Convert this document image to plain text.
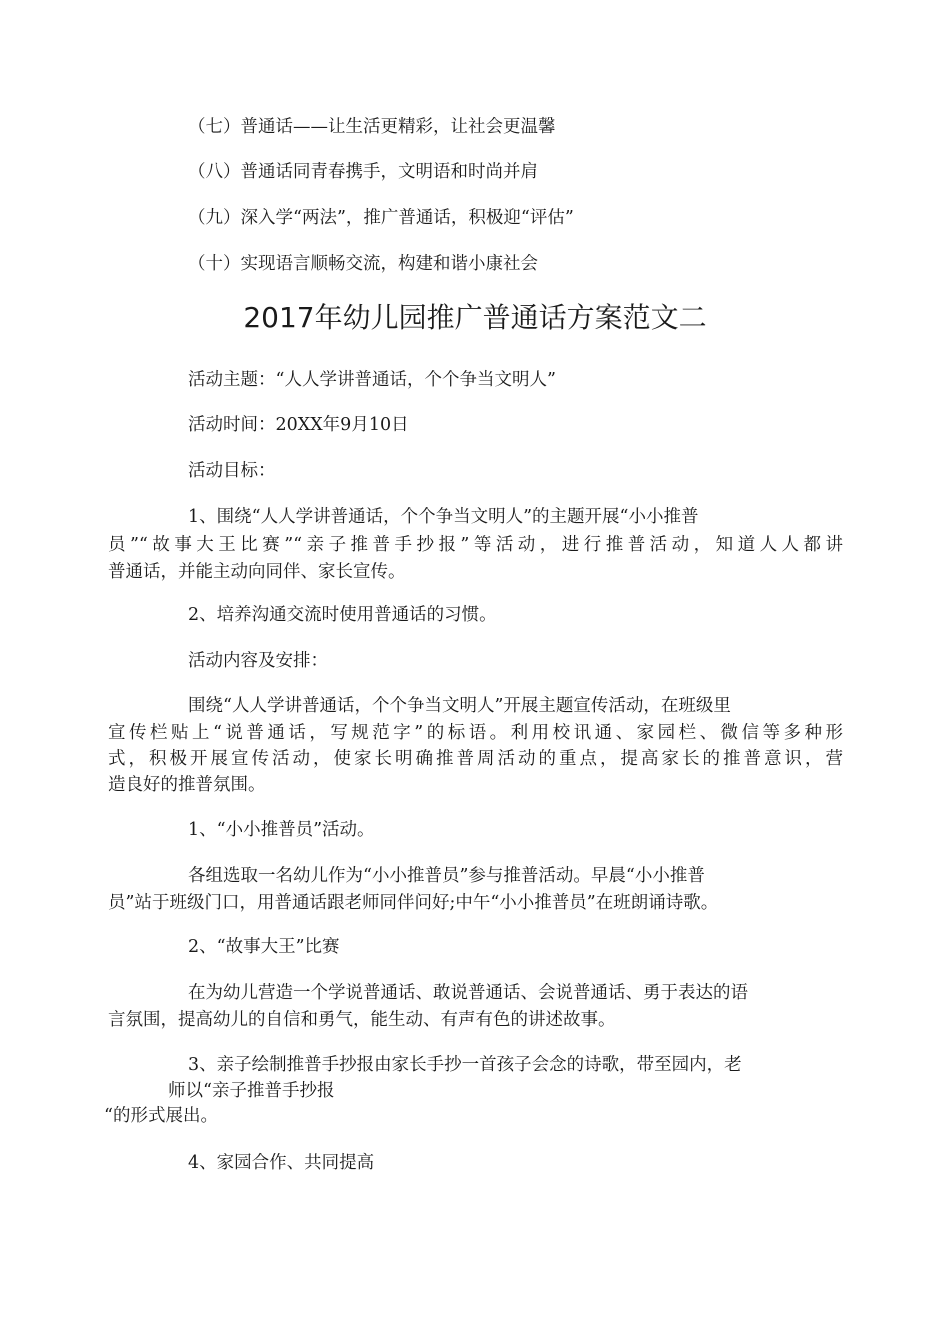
（七）普通话——让生活更精彩，让社会更温馨
（八）普通话同青春携手，文明语和时尚并肩
（九）深入学“两法”，推广普通话，积极迎“评估”
（十）实现语言顺畅交流，构建和谐小康社会
2017年幼儿园推广普通话方案范文二
活动主题：“人人学讲普通话，个个争当文明人”
活动时间：20XX年9月10日
活动目标：
1、围绕“人人学讲普通话，个个争当文明人”的主题开展“小小推普
员”“故事大王比赛”“亲子推普手抄报”等活动，进行推普活动，知道人人都讲
普通话，并能主动向同伴、家长宣传。
2、培养沟通交流时使用普通话的习惯。
活动内容及安排：
围绕“人人学讲普通话，个个争当文明人”开展主题宣传活动，在班级里
宣传栏贴上“说普通话，写规范字”的标语。利用校讯通、家园栏、微信等多种形
式，积极开展宣传活动，使家长明确推普周活动的重点，提高家长的推普意识，营
造良好的推普氛围。
1、“小小推普员”活动。
各组选取一名幼儿作为“小小推普员”参与推普活动。早晨“小小推普
员”站于班级门口，用普通话跟老师同伴问好;中午“小小推普员”在班朗诵诗歌。
2、“故事大王”比赛
在为幼儿营造一个学说普通话、敢说普通话、会说普通话、勇于表达的语
言氛围，提高幼儿的自信和勇气，能生动、有声有色的讲述故事。
3、亲子绘制推普手抄报由家长手抄一首孩子会念的诗歌，带至园内，老
师以“亲子推普手抄报
“的形式展出。
4、家园合作、共同提高
